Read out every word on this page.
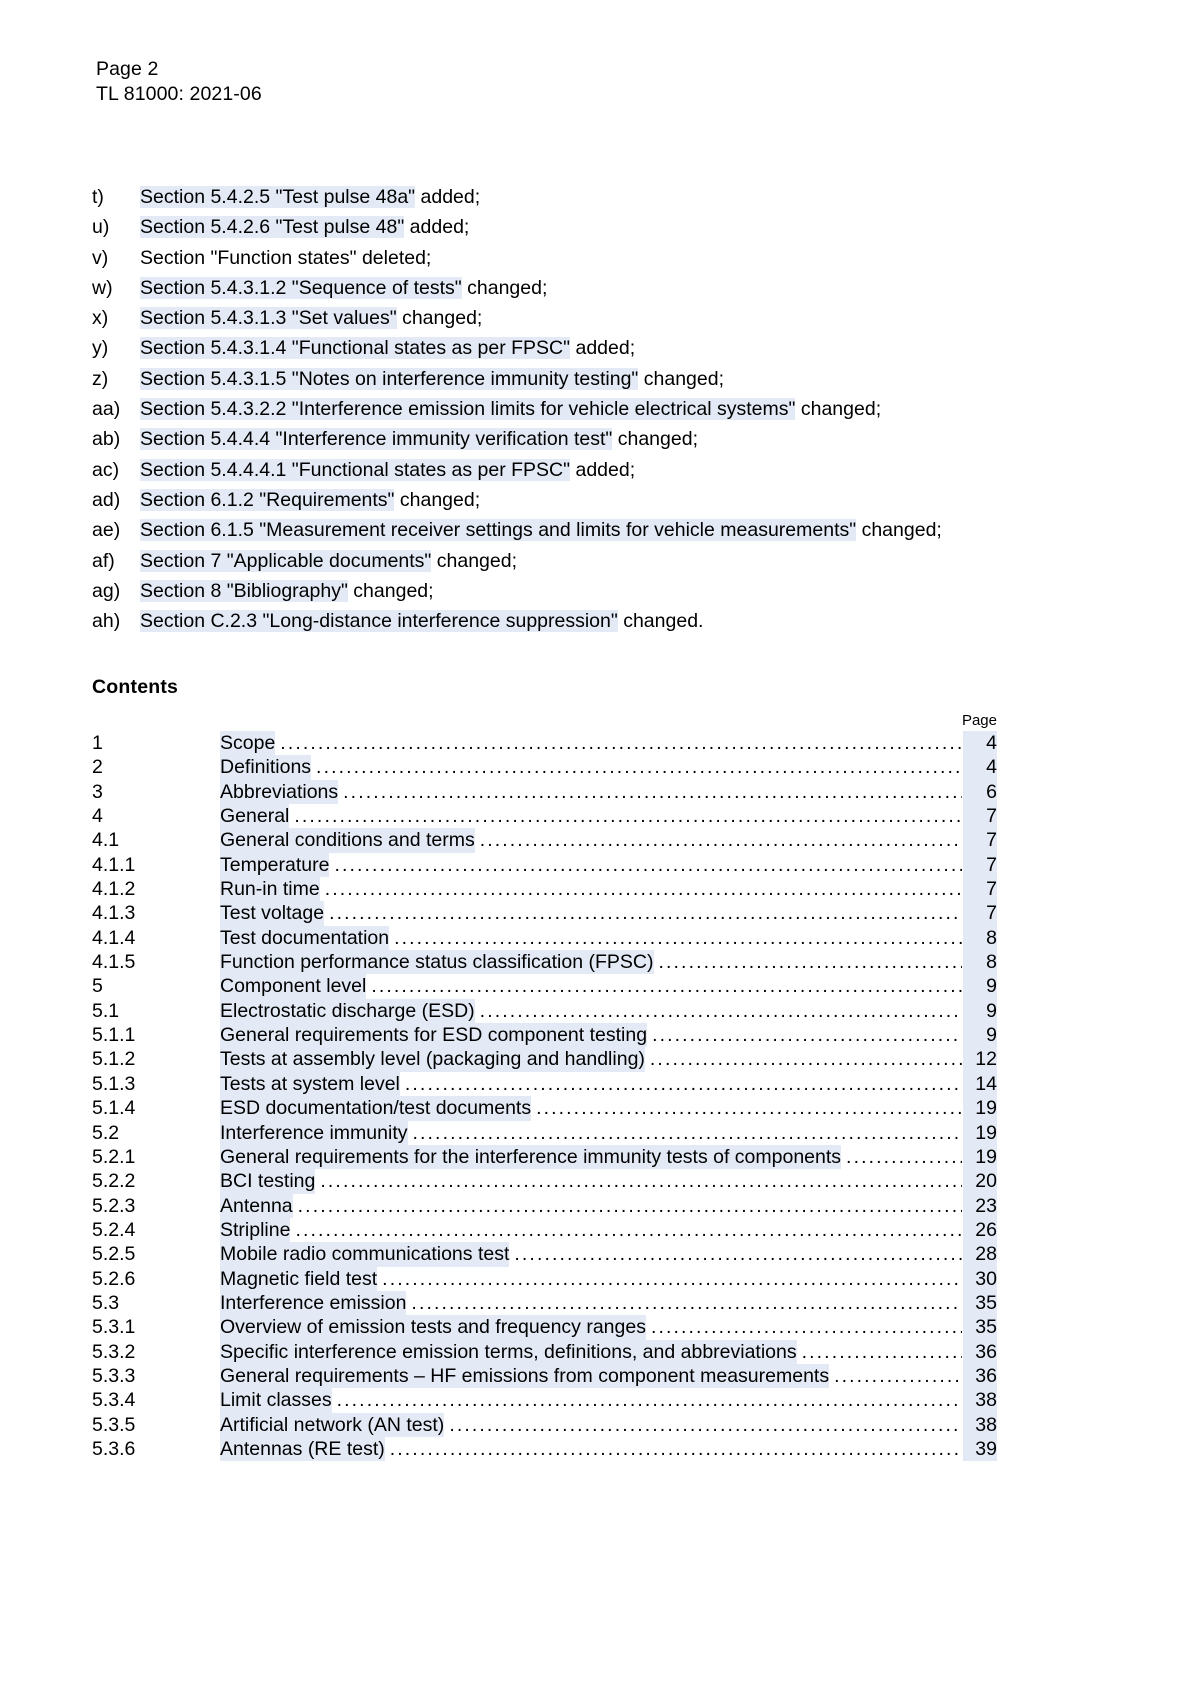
Page 2
TL 81000: 2021-06
t)	Section 5.4.2.5 "Test pulse 48a" added;
u)	Section 5.4.2.6 "Test pulse 48" added;
v)	Section "Function states" deleted;
w)	Section 5.4.3.1.2 "Sequence of tests" changed;
x)	Section 5.4.3.1.3 "Set values" changed;
y)	Section 5.4.3.1.4 "Functional states as per FPSC" added;
z)	Section 5.4.3.1.5 "Notes on interference immunity testing" changed;
aa)	Section 5.4.3.2.2 "Interference emission limits for vehicle electrical systems" changed;
ab)	Section 5.4.4.4 "Interference immunity verification test" changed;
ac)	Section 5.4.4.4.1 "Functional states as per FPSC" added;
ad)	Section 6.1.2 "Requirements" changed;
ae)	Section 6.1.5 "Measurement receiver settings and limits for vehicle measurements" changed;
af)	Section 7 "Applicable documents" changed;
ag)	Section 8 "Bibliography" changed;
ah)	Section C.2.3 "Long-distance interference suppression" changed.
Contents
Page
1	Scope .....	4
2	Definitions .....	4
3	Abbreviations .....	6
4	General .....	7
4.1	General conditions and terms .....	7
4.1.1	Temperature .....	7
4.1.2	Run-in time .....	7
4.1.3	Test voltage .....	7
4.1.4	Test documentation .....	8
4.1.5	Function performance status classification (FPSC) .....	8
5	Component level .....	9
5.1	Electrostatic discharge (ESD) .....	9
5.1.1	General requirements for ESD component testing .....	9
5.1.2	Tests at assembly level (packaging and handling) .....	12
5.1.3	Tests at system level .....	14
5.1.4	ESD documentation/test documents .....	19
5.2	Interference immunity .....	19
5.2.1	General requirements for the interference immunity tests of components .....	19
5.2.2	BCI testing .....	20
5.2.3	Antenna .....	23
5.2.4	Stripline .....	26
5.2.5	Mobile radio communications test .....	28
5.2.6	Magnetic field test .....	30
5.3	Interference emission .....	35
5.3.1	Overview of emission tests and frequency ranges .....	35
5.3.2	Specific interference emission terms, definitions, and abbreviations .....	36
5.3.3	General requirements – HF emissions from component measurements .....	36
5.3.4	Limit classes .....	38
5.3.5	Artificial network (AN test) .....	38
5.3.6	Antennas (RE test) .....	39
